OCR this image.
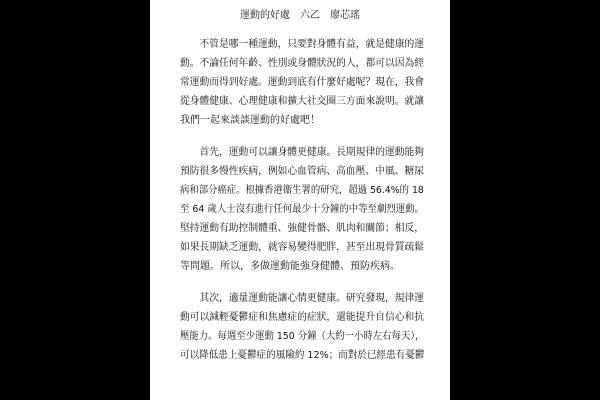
運動的好處　六乙　廖芯瑤

　　不管是哪一種運動，只要對身體有益，就是健康的運

動。不論任何年齡、性別或身體狀況的人，都可以因為經

常運動而得到好處。運動到底有什麼好處呢？現在，我會

從身體健康、心理健康和擴大社交圈三方面來說明。就讓

我們一起來談談運動的好處吧！

　　首先，運動可以讓身體更健康。長期規律的運動能夠

預防很多慢性疾病，例如心血管病、高血壓、中風、糖尿

病和部分癌症。根據香港衞生署的研究，超過 56.4%的 18

至 64 歲人士沒有進行任何最少十分鐘的中等至劇烈運動。

堅持運動有助控制體重、強健骨骼、肌肉和關節；相反，

如果長期缺乏運動，就容易變得肥胖，甚至出現骨質疏鬆

等問題。所以，多做運動能強身健體、預防疾病。

　　其次，適量運動能讓心情更健康。研究發現，規律運

動可以減輕憂鬱症和焦慮症的症狀，還能提升自信心和抗

壓能力。每週至少運動 150 分鐘（大約一小時左右每天），

可以降低患上憂鬱症的風險約 12%；而對於已經患有憂鬱
